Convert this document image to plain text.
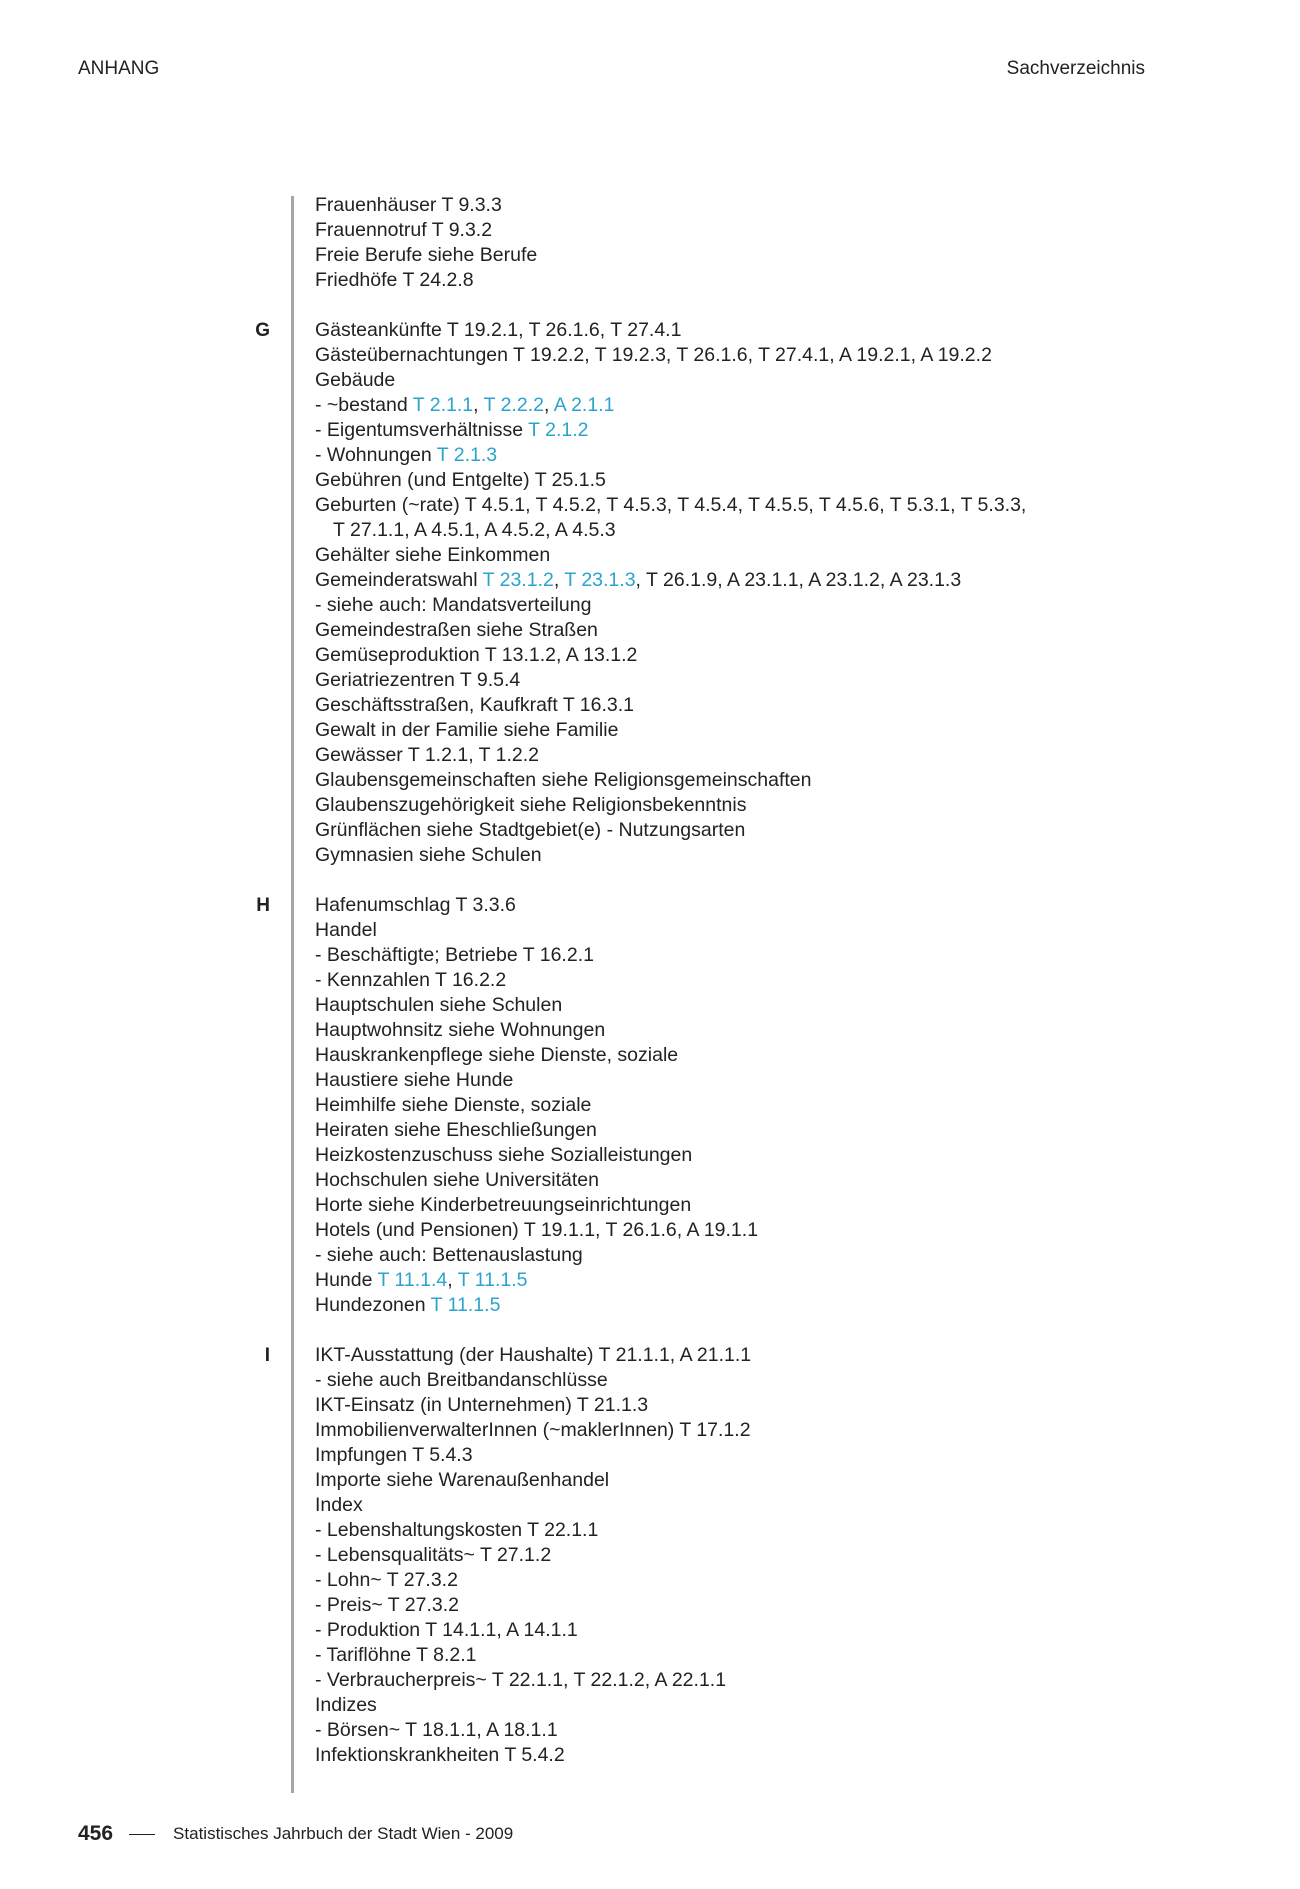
ANHANG	Sachverzeichnis
Frauenhäuser T 9.3.3
Frauennotruf T 9.3.2
Freie Berufe siehe Berufe
Friedhöfe T 24.2.8
G Gästeankünfte T 19.2.1, T 26.1.6, T 27.4.1
Gästeübernachtungen T 19.2.2, T 19.2.3, T 26.1.6, T 27.4.1, A 19.2.1, A 19.2.2
Gebäude
- ~bestand T 2.1.1, T 2.2.2, A 2.1.1
- Eigentumsverhältnisse T 2.1.2
- Wohnungen T 2.1.3
Gebühren (und Entgelte) T 25.1.5
Geburten (~rate) T 4.5.1, T 4.5.2, T 4.5.3, T 4.5.4, T 4.5.5, T 4.5.6, T 5.3.1, T 5.3.3,
T 27.1.1, A 4.5.1, A 4.5.2, A 4.5.3
Gehälter siehe Einkommen
Gemeinderatswahl T 23.1.2, T 23.1.3, T 26.1.9, A 23.1.1, A 23.1.2, A 23.1.3
- siehe auch: Mandatsverteilung
Gemeindestraßen siehe Straßen
Gemüseproduktion T 13.1.2, A 13.1.2
Geriatriezentren T 9.5.4
Geschäftsstraßen, Kaufkraft T 16.3.1
Gewalt in der Familie siehe Familie
Gewässer T 1.2.1, T 1.2.2
Glaubensgemeinschaften siehe Religionsgemeinschaften
Glaubenszugehörigkeit siehe Religionsbekenntnis
Grünflächen siehe Stadtgebiet(e) - Nutzungsarten
Gymnasien siehe Schulen
H Hafenumschlag T 3.3.6
Handel
- Beschäftigte; Betriebe T 16.2.1
- Kennzahlen T 16.2.2
Hauptschulen siehe Schulen
Hauptwohnsitz siehe Wohnungen
Hauskrankenpflege siehe Dienste, soziale
Haustiere siehe Hunde
Heimhilfe siehe Dienste, soziale
Heiraten siehe Eheschließungen
Heizkostenzuschuss siehe Sozialleistungen
Hochschulen siehe Universitäten
Horte siehe Kinderbetreuungseinrichtungen
Hotels (und Pensionen) T 19.1.1, T 26.1.6, A 19.1.1
- siehe auch: Bettenauslastung
Hunde T 11.1.4, T 11.1.5
Hundezonen T 11.1.5
I IKT-Ausstattung (der Haushalte) T 21.1.1, A 21.1.1
- siehe auch Breitbandanschlüsse
IKT-Einsatz (in Unternehmen) T 21.1.3
ImmobilienverwalterInnen (~maklerInnen) T 17.1.2
Impfungen T 5.4.3
Importe siehe Warenaußenhandel
Index
- Lebenshaltungskosten T 22.1.1
- Lebensqualitäts~ T 27.1.2
- Lohn~ T 27.3.2
- Preis~ T 27.3.2
- Produktion T 14.1.1, A 14.1.1
- Tariflöhne T 8.2.1
- Verbraucherpreis~ T 22.1.1, T 22.1.2, A 22.1.1
Indizes
- Börsen~ T 18.1.1, A 18.1.1
Infektionskrankheiten T 5.4.2
456	Statistisches Jahrbuch der Stadt Wien - 2009
